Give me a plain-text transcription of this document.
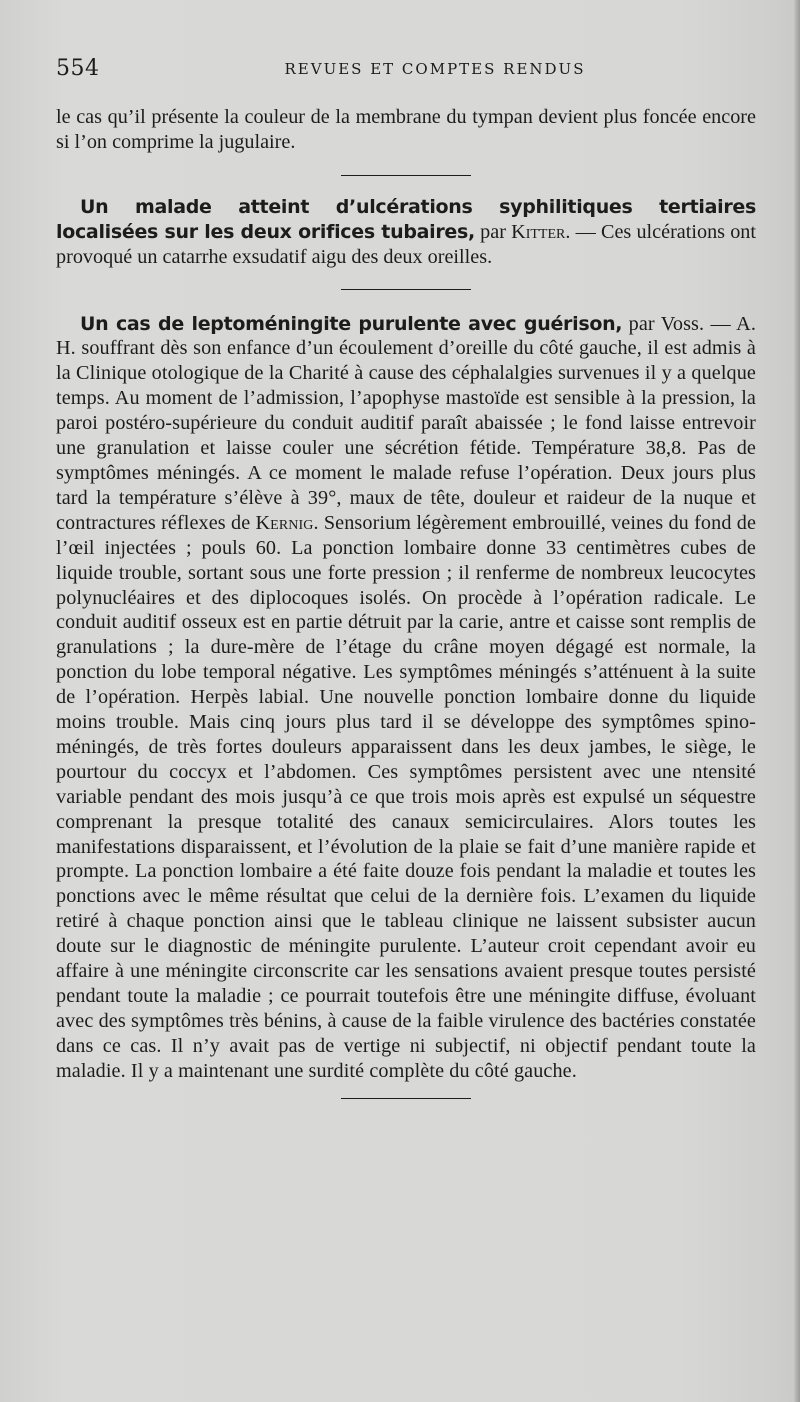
554	REVUES ET COMPTES RENDUS

le cas qu’il présente la couleur de la membrane du tympan devient plus foncée encore si l’on comprime la jugulaire.

Un malade atteint d’ulcérations syphilitiques tertiaires localisées sur les deux orifices tubaires, par Kitter. — Ces ulcérations ont provoqué un catarrhe exsudatif aigu des deux oreilles.

Un cas de leptoméningite purulente avec guérison, par Voss. — A. H. souffrant dès son enfance d’un écoulement d’oreille du côté gauche, il est admis à la Clinique otologique de la Charité à cause des céphalalgies survenues il y a quelque temps. Au moment de l’admission, l’apophyse mastoïde est sensible à la pression, la paroi postéro-supérieure du conduit auditif paraît abaissée ; le fond laisse entrevoir une granulation et laisse couler une sécrétion fétide. Température 38,8. Pas de symptômes méningés. A ce moment le malade refuse l’opération. Deux jours plus tard la température s’élève à 39°, maux de tête, douleur et raideur de la nuque et contractures réflexes de Kernig. Sensorium légèrement embrouillé, veines du fond de l’œil injectées ; pouls 60. La ponction lombaire donne 33 centimètres cubes de liquide trouble, sortant sous une forte pression ; il renferme de nombreux leucocytes polynucléaires et des diplocoques isolés. On procède à l’opération radicale. Le conduit auditif osseux est en partie détruit par la carie, antre et caisse sont remplis de granulations ; la dure-mère de l’étage du crâne moyen dégagé est normale, la ponction du lobe temporal négative. Les symptômes méningés s’atténuent à la suite de l’opération. Herpès labial. Une nouvelle ponction lombaire donne du liquide moins trouble. Mais cinq jours plus tard il se développe des symptômes spino-méningés, de très fortes douleurs apparaissent dans les deux jambes, le siège, le pourtour du coccyx et l’abdomen. Ces symptômes persistent avec une ntensité variable pendant des mois jusqu’à ce que trois mois après est expulsé un séquestre comprenant la presque totalité des canaux semicirculaires. Alors toutes les manifestations disparaissent, et l’évolution de la plaie se fait d’une manière rapide et prompte. La ponction lombaire a été faite douze fois pendant la maladie et toutes les ponctions avec le même résultat que celui de la dernière fois. L’examen du liquide retiré à chaque ponction ainsi que le tableau clinique ne laissent subsister aucun doute sur le diagnostic de méningite purulente. L’auteur croit cependant avoir eu affaire à une méningite circonscrite car les sensations avaient presque toutes persisté pendant toute la maladie ; ce pourrait toutefois être une méningite diffuse, évoluant avec des symptômes très bénins, à cause de la faible virulence des bactéries constatée dans ce cas. Il n’y avait pas de vertige ni subjectif, ni objectif pendant toute la maladie. Il y a maintenant une surdité complète du côté gauche.
